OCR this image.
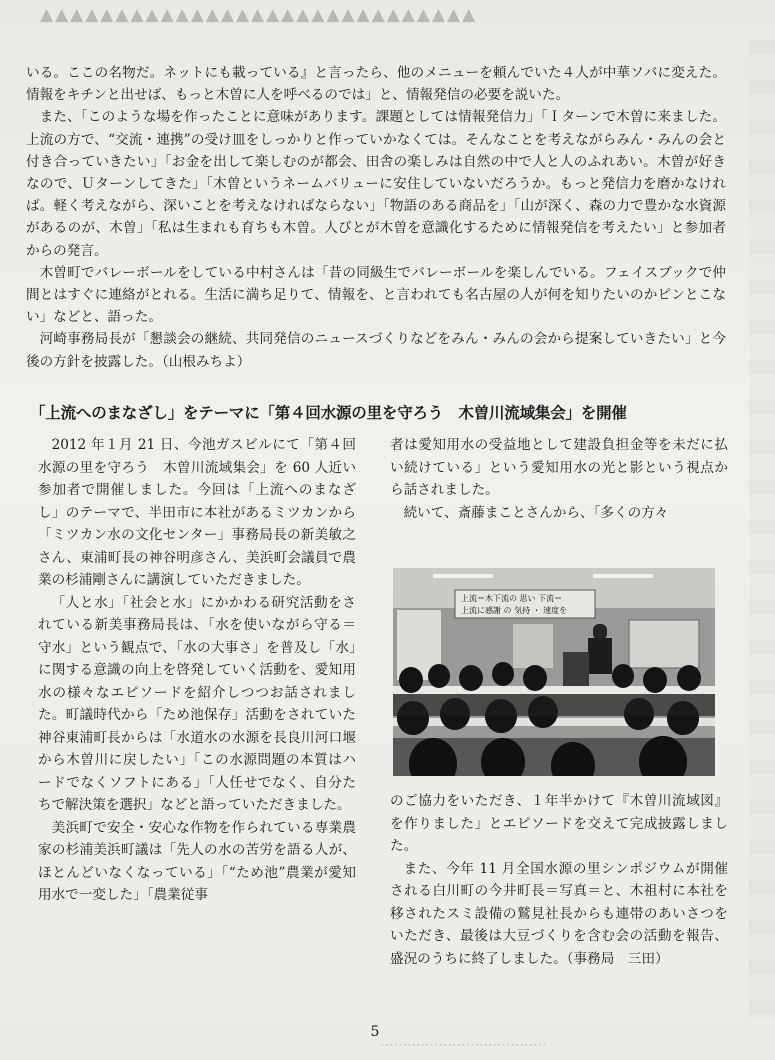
▲▲▲▲▲▲▲▲▲▲▲▲▲▲▲▲▲▲▲▲▲▲▲▲▲▲▲▲▲

いる。ここの名物だ。ネットにも載っている』と言ったら、他のメニューを頼んでいた４人が中華ソバに変えた。情報をキチンと出せば、もっと木曽に人を呼べるのでは」と、情報発信の必要を説いた。

また、「このような場を作ったことに意味があります。課題としては情報発信力」「Ｉターンで木曽に来ました。上流の方で、“交流・連携”の受け皿をしっかりと作っていかなくては。そんなことを考えながらみん・みんの会と付き合っていきたい」「お金を出して楽しむのが都会、田舎の楽しみは自然の中で人と人のふれあい。木曽が好きなので、Ｕターンしてきた」「木曽というネームバリューに安住していないだろうか。もっと発信力を磨かなければ。軽く考えながら、深いことを考えなければならない」「物語のある商品を」「山が深く、森の力で豊かな水資源があるのが、木曽」「私は生まれも育ちも木曽。人びとが木曽を意識化するために情報発信を考えたい」と参加者からの発言。

木曽町でバレーボールをしている中村さんは「昔の同級生でバレーボールを楽しんでいる。フェイスブックで仲間とはすぐに連絡がとれる。生活に満ち足りて、情報を、と言われても名古屋の人が何を知りたいのかピンとこない」などと、語った。

河崎事務局長が「懇談会の継続、共同発信のニュースづくりなどをみん・みんの会から提案していきたい」と今後の方針を披露した。（山根みちよ）

「上流へのまなざし」をテーマに「第４回水源の里を守ろう　木曽川流域集会」を開催

2012 年１月 21 日、今池ガスビルにて「第４回水源の里を守ろう　木曽川流域集会」を 60 人近い参加者で開催しました。今回は「上流へのまなざし」のテーマで、半田市に本社があるミツカンから「ミツカン水の文化センター」事務局長の新美敏之さん、東浦町長の神谷明彦さん、美浜町会議員で農業の杉浦剛さんに講演していただきました。

「人と水」「社会と水」にかかわる研究活動をされている新美事務局長は、「水を使いながら守る＝守水」という観点で、「水の大事さ」を普及し「水」に関する意識の向上を啓発していく活動を、愛知用水の様々なエピソードを紹介しつつお話されました。町議時代から「ため池保存」活動をされていた神谷東浦町長からは「水道水の水源を長良川河口堰から木曽川に戻したい」「この水源問題の本質はハードでなくソフトにある」「人任せでなく、自分たちで解決策を選択」などと語っていただきました。

美浜町で安全・安心な作物を作られている専業農家の杉浦美浜町議は「先人の水の苦労を語る人が、ほとんどいなくなっている」「“ため池”農業が愛知用水で一変した」「農業従事

者は愛知用水の受益地として建設負担金等を未だに払い続けている」という愛知用水の光と影という視点から話されました。

続いて、斎藤まことさんから、「多くの方々

上流＝木下流の 思い 下流＝
上流に感謝 の 気持 ・ 速度を

のご協力をいただき、１年半かけて『木曽川流域図』を作りました」とエピソードを交えて完成披露しました。

また、今年 11 月全国水源の里シンポジウムが開催される白川町の今井町長＝写真＝と、木祖村に本社を移されたスミ設備の鷲見社長からも連帯のあいさつをいただき、最後は大豆づくりを含む会の活動を報告、盛況のうちに終了しました。（事務局　三田）

5
･････････････････････････････････････
